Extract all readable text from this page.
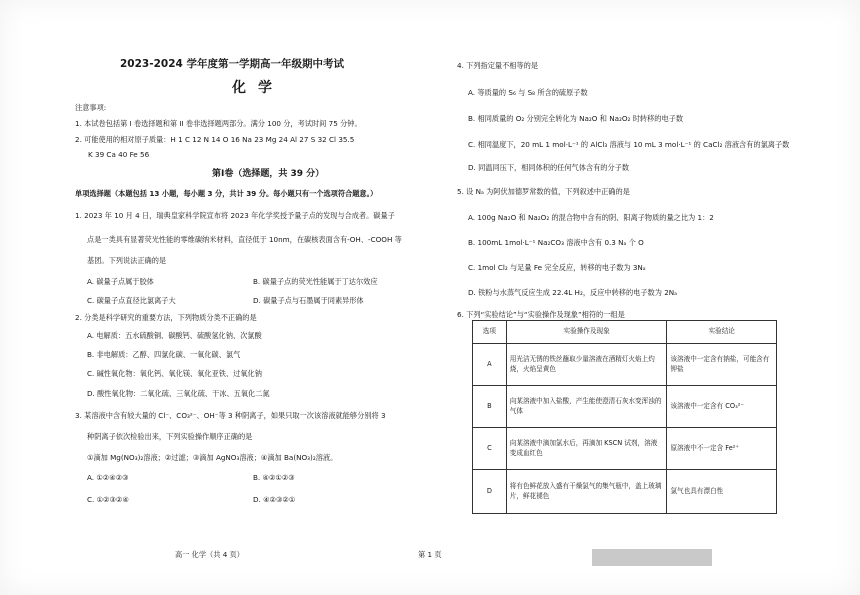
2023-2024 学年度第一学期高一年级期中考试
化学
注意事项:
1. 本试卷包括第 I 卷选择题和第 II 卷非选择题两部分。满分 100 分，考试时间 75 分钟。
2. 可能使用的相对原子质量：H 1 C 12 N 14 O 16 Na 23 Mg 24 Al 27 S 32 Cl 35.5
K 39 Ca 40 Fe 56
第I卷（选择题，共 39 分）
单项选择题（本题包括 13 小题，每小题 3 分，共计 39 分。每小题只有一个选项符合题意。）
1. 2023 年 10 月 4 日，瑞典皇家科学院宣布将 2023 年化学奖授予量子点的发现与合成者。碳量子
点是一类具有显著荧光性能的零维碳纳米材料，直径低于 10nm，在碳核表面含有-OH、-COOH 等
基团。下列说法正确的是
A. 碳量子点属于胶体	B. 碳量子点的荧光性能属于丁达尔效应
C. 碳量子点直径比氯离子大	D. 碳量子点与石墨属于同素异形体
2. 分类是科学研究的重要方法，下列物质分类不正确的是
A. 电解质：五水硫酸铜、碳酸钙、硫酸氢化钠、次氯酸
B. 非电解质：乙醇、四氯化碳、一氧化碳、氯气
C. 碱性氧化物：氧化钙、氧化镁、氧化亚铁、过氧化钠
D. 酸性氧化物：二氧化硫、三氧化硫、干冰、五氧化二氮
3. 某溶液中含有较大量的 Cl⁻、CO₃²⁻、OH⁻等 3 种阴离子，如果只取一次该溶液就能够分别将 3
种阴离子依次检验出来，下列实验操作顺序正确的是
①滴加 Mg(NO₃)₂溶液；②过滤；③滴加 AgNO₃溶液；④滴加 Ba(NO₃)₂溶液。
A. ①②④②③	B. ④②①②③
C. ①②③②④	D. ④②③②①
4. 下列指定量不相等的是
A. 等质量的 S₆ 与 S₈ 所含的硫原子数
B. 相同质量的 O₂ 分别完全转化为 Na₂O 和 Na₂O₂ 时转移的电子数
C. 相同温度下，20 mL 1 mol·L⁻¹ 的 AlCl₃ 溶液与 10 mL 3 mol·L⁻¹ 的 CaCl₂ 溶液含有的氯离子数
D. 同温同压下，相同体积的任何气体含有的分子数
5. 设 Nₐ 为阿伏加德罗常数的值，下列叙述中正确的是
A. 100g Na₂O 和 Na₂O₂ 的混合物中含有的阴、阳离子物质的量之比为 1：2
B. 100mL 1mol·L⁻¹ Na₂CO₃ 溶液中含有 0.3 Nₐ 个 O
C. 1mol Cl₂ 与足量 Fe 完全反应，转移的电子数为 3Nₐ
D. 铁粉与水蒸气反应生成 22.4L H₂，反应中转移的电子数为 2Nₐ
6. 下列“实验结论”与“实验操作及现象”相符的一组是
选项	实验操作及现象	实验结论
A	用光洁无锈的铁丝蘸取少量溶液在酒精灯火焰上灼烧，火焰呈黄色	该溶液中一定含有钠盐，可能含有钾盐
B	向某溶液中加入盐酸，产生能使澄清石灰水变浑浊的气体	该溶液中一定含有 CO₃²⁻
C	向某溶液中滴加氯水后，再滴加 KSCN 试剂，溶液变成血红色	原溶液中不一定含 Fe²⁺
D	将有色鲜花放入盛有干燥氯气的集气瓶中，盖上玻璃片，鲜花褪色	氯气也具有漂白性
高一 化学（共 4 页）	第 1 页
